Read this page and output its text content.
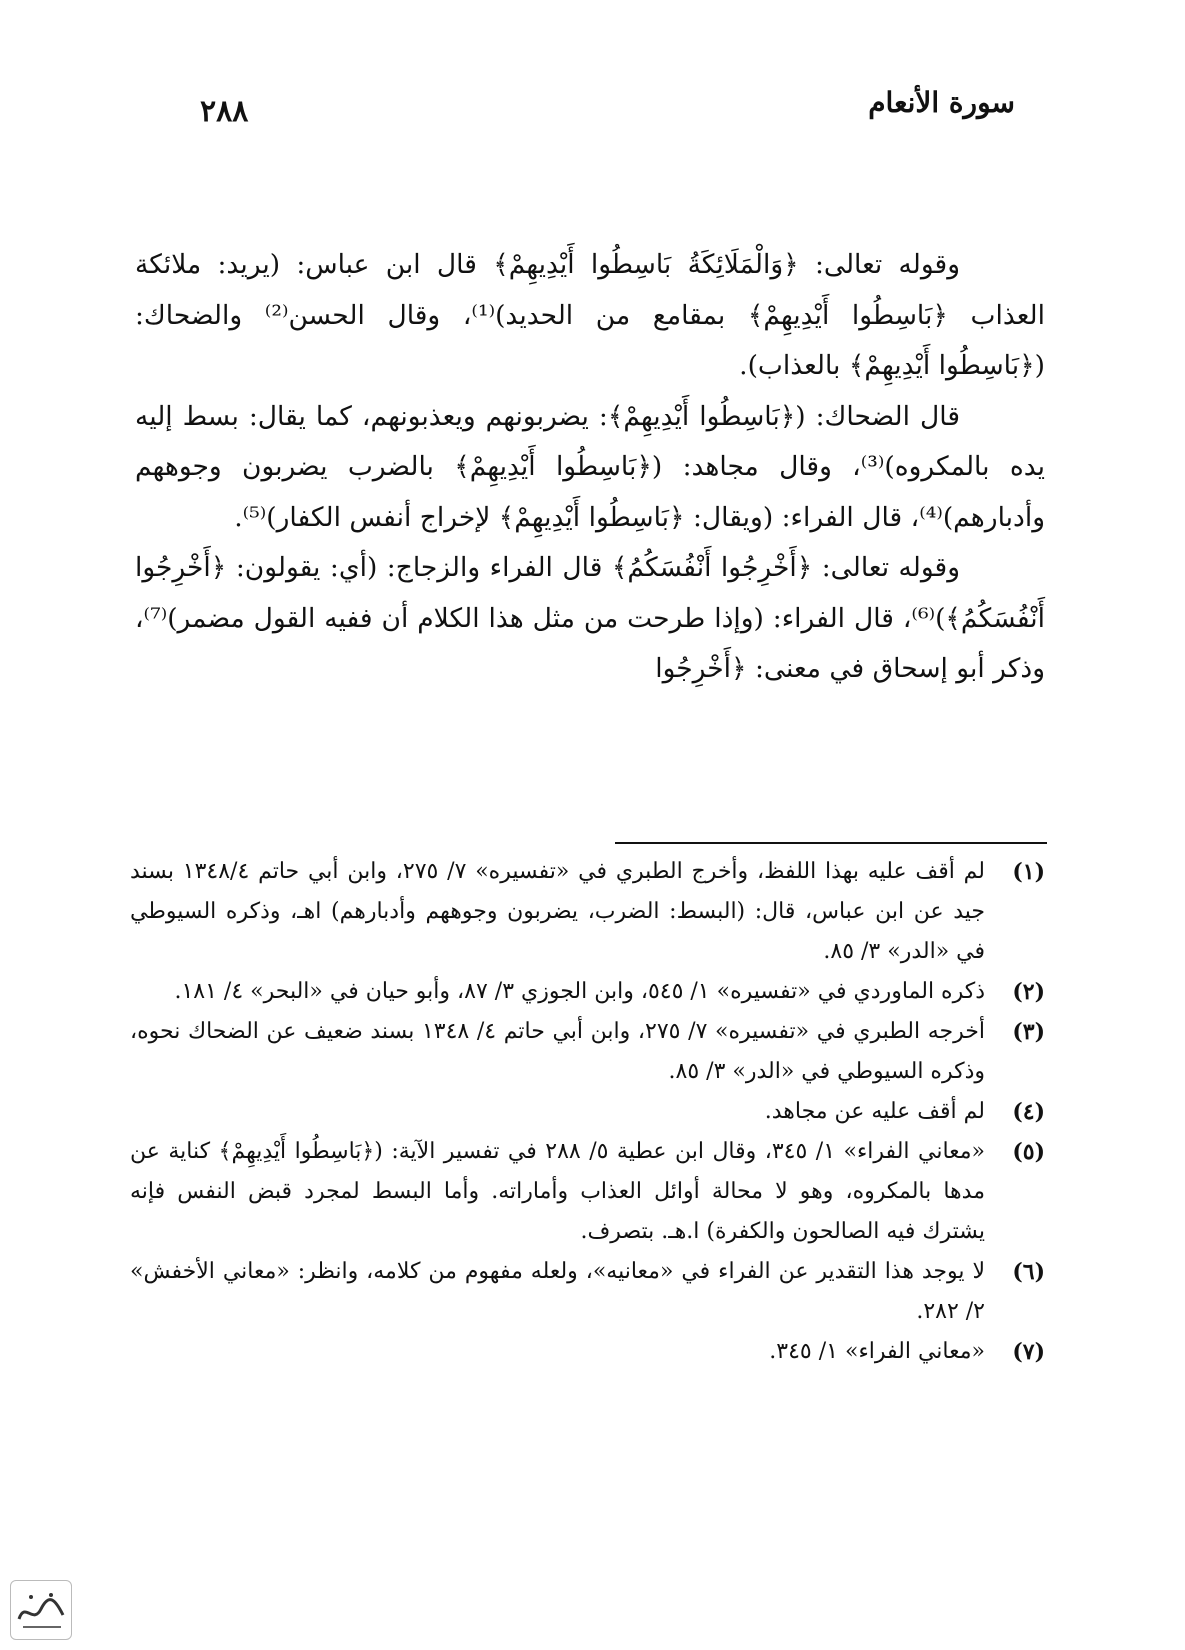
٢٨٨	سورة الأنعام

وقوله تعالى: ﴿وَالْمَلَائِكَةُ بَاسِطُوا أَيْدِيهِمْ﴾ قال ابن عباس: (يريد: ملائكة العذاب ﴿بَاسِطُوا أَيْدِيهِمْ﴾ بمقامع من الحديد)⁽¹⁾، وقال الحسن⁽²⁾ والضحاك: (﴿بَاسِطُوا أَيْدِيهِمْ﴾ بالعذاب).

قال الضحاك: (﴿بَاسِطُوا أَيْدِيهِمْ﴾: يضربونهم ويعذبونهم، كما يقال: بسط إليه يده بالمكروه)⁽³⁾، وقال مجاهد: (﴿بَاسِطُوا أَيْدِيهِمْ﴾ بالضرب يضربون وجوههم وأدبارهم)⁽⁴⁾، قال الفراء: (ويقال: ﴿بَاسِطُوا أَيْدِيهِمْ﴾ لإخراج أنفس الكفار)⁽⁵⁾.

وقوله تعالى: ﴿أَخْرِجُوا أَنْفُسَكُمُ﴾ قال الفراء والزجاج: (أي: يقولون: ﴿أَخْرِجُوا أَنْفُسَكُمُ﴾)⁽⁶⁾، قال الفراء: (وإذا طرحت من مثل هذا الكلام أن ففيه القول مضمر)⁽⁷⁾، وذكر أبو إسحاق في معنى: ﴿أَخْرِجُوا

(١)
لم أقف عليه بهذا اللفظ، وأخرج الطبري في «تفسيره» ٧/ ٢٧٥، وابن أبي حاتم ١٣٤٨/٤ بسند جيد عن ابن عباس، قال: (البسط: الضرب، يضربون وجوههم وأدبارهم) اهـ، وذكره السيوطي في «الدر» ٣/ ٨٥.
(٢)
ذكره الماوردي في «تفسيره» ١/ ٥٤٥، وابن الجوزي ٣/ ٨٧، وأبو حيان في «البحر» ٤/ ١٨١.
(٣)
أخرجه الطبري في «تفسيره» ٧/ ٢٧٥، وابن أبي حاتم ٤/ ١٣٤٨ بسند ضعيف عن الضحاك نحوه، وذكره السيوطي في «الدر» ٣/ ٨٥.
(٤)
لم أقف عليه عن مجاهد.
(٥)
«معاني الفراء» ١/ ٣٤٥، وقال ابن عطية ٥/ ٢٨٨ في تفسير الآية: (﴿بَاسِطُوا أَيْدِيهِمْ﴾ كناية عن مدها بالمكروه، وهو لا محالة أوائل العذاب وأماراته. وأما البسط لمجرد قبض النفس فإنه يشترك فيه الصالحون والكفرة) ا.هـ. بتصرف.
(٦)
لا يوجد هذا التقدير عن الفراء في «معانيه»، ولعله مفهوم من كلامه، وانظر: «معاني الأخفش» ٢/ ٢٨٢.
(٧)
«معاني الفراء» ١/ ٣٤٥.
